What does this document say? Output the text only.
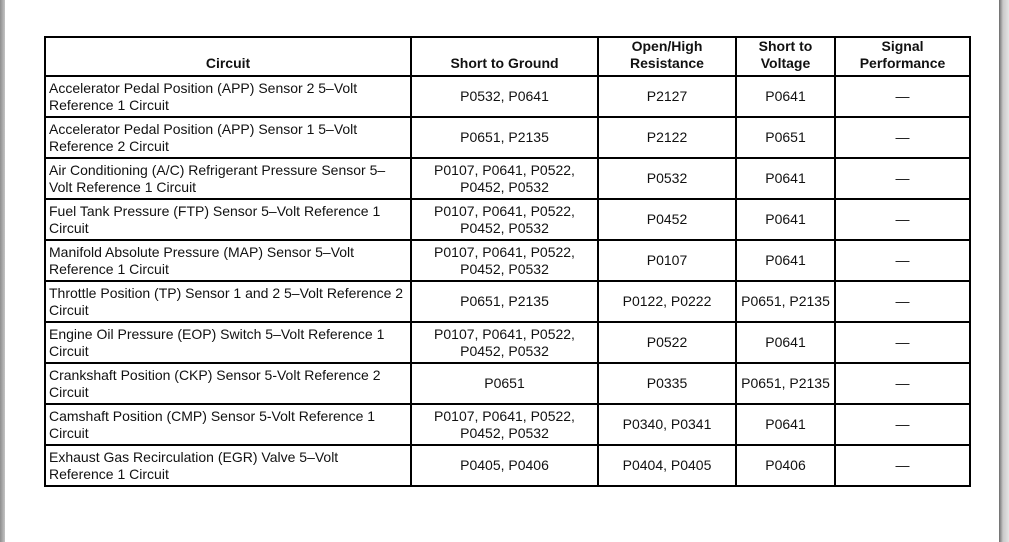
Circuit	Short to Ground	Open/High Resistance	Short to Voltage	Signal Performance
Accelerator Pedal Position (APP) Sensor 2 5–Volt Reference 1 Circuit	P0532, P0641	P2127	P0641	—
Accelerator Pedal Position (APP) Sensor 1 5–Volt Reference 2 Circuit	P0651, P2135	P2122	P0651	—
Air Conditioning (A/C) Refrigerant Pressure Sensor 5–Volt Reference 1 Circuit	P0107, P0641, P0522, P0452, P0532	P0532	P0641	—
Fuel Tank Pressure (FTP) Sensor 5–Volt Reference 1 Circuit	P0107, P0641, P0522, P0452, P0532	P0452	P0641	—
Manifold Absolute Pressure (MAP) Sensor 5–Volt Reference 1 Circuit	P0107, P0641, P0522, P0452, P0532	P0107	P0641	—
Throttle Position (TP) Sensor 1 and 2 5–Volt Reference 2 Circuit	P0651, P2135	P0122, P0222	P0651, P2135	—
Engine Oil Pressure (EOP) Switch 5–Volt Reference 1 Circuit	P0107, P0641, P0522, P0452, P0532	P0522	P0641	—
Crankshaft Position (CKP) Sensor 5-Volt Reference 2 Circuit	P0651	P0335	P0651, P2135	—
Camshaft Position (CMP) Sensor 5-Volt Reference 1 Circuit	P0107, P0641, P0522, P0452, P0532	P0340, P0341	P0641	—
Exhaust Gas Recirculation (EGR) Valve 5–Volt Reference 1 Circuit	P0405, P0406	P0404, P0405	P0406	—
